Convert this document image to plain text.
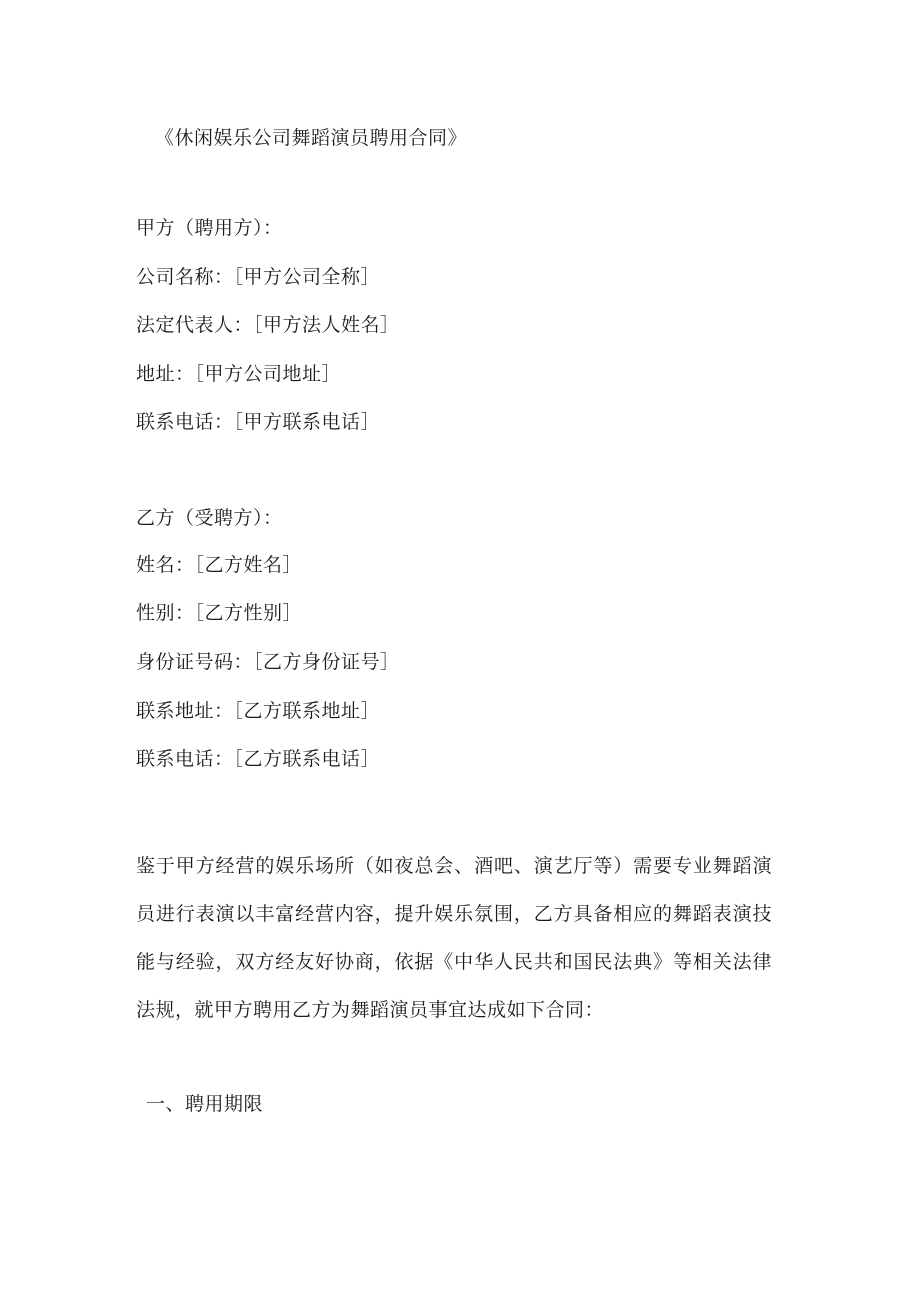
《休闲娱乐公司舞蹈演员聘用合同》
甲方（聘用方）：
公司名称：［甲方公司全称］
法定代表人：［甲方法人姓名］
地址：［甲方公司地址］
联系电话：［甲方联系电话］
乙方（受聘方）：
姓名：［乙方姓名］
性别：［乙方性别］
身份证号码：［乙方身份证号］
联系地址：［乙方联系地址］
联系电话：［乙方联系电话］
鉴于甲方经营的娱乐场所（如夜总会、酒吧、演艺厅等）需要专业舞蹈演员进行表演以丰富经营内容，提升娱乐氛围，乙方具备相应的舞蹈表演技能与经验，双方经友好协商，依据《中华人民共和国民法典》等相关法律法规，就甲方聘用乙方为舞蹈演员事宜达成如下合同：
一、聘用期限
